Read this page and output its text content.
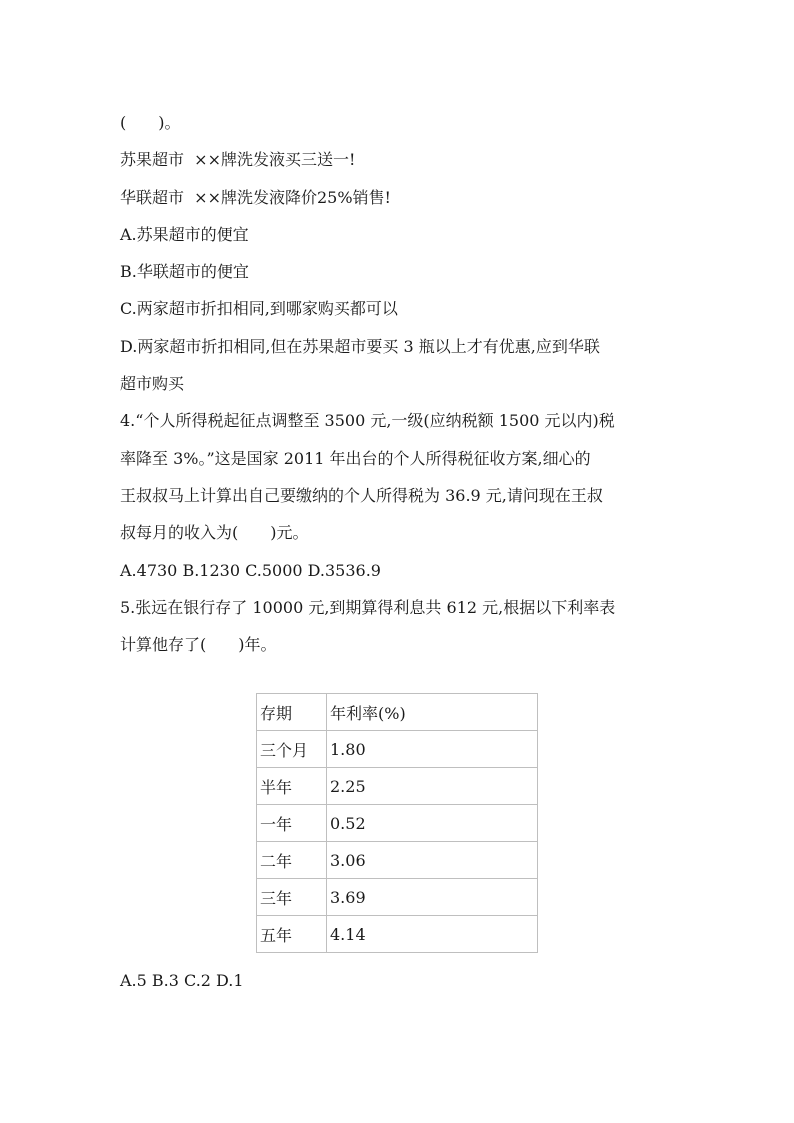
(　　)。

苏果超市  ××牌洗发液买三送一!

华联超市  ××牌洗发液降价25%销售!

A.苏果超市的便宜

B.华联超市的便宜

C.两家超市折扣相同,到哪家购买都可以

D.两家超市折扣相同,但在苏果超市要买 3 瓶以上才有优惠,应到华联

超市购买

4.“个人所得税起征点调整至 3500 元,一级(应纳税额 1500 元以内)税

率降至 3%。”这是国家 2011 年出台的个人所得税征收方案,细心的

王叔叔马上计算出自己要缴纳的个人所得税为 36.9 元,请问现在王叔

叔每月的收入为(　　)元。

A.4730 B.1230 C.5000 D.3536.9

5.张远在银行存了 10000 元,到期算得利息共 612 元,根据以下利率表

计算他存了(　　)年。

存期	年利率(%)
三个月	1.80
半年	2.25
一年	0.52
二年	3.06
三年	3.69
五年	4.14
A.5 B.3 C.2 D.1
